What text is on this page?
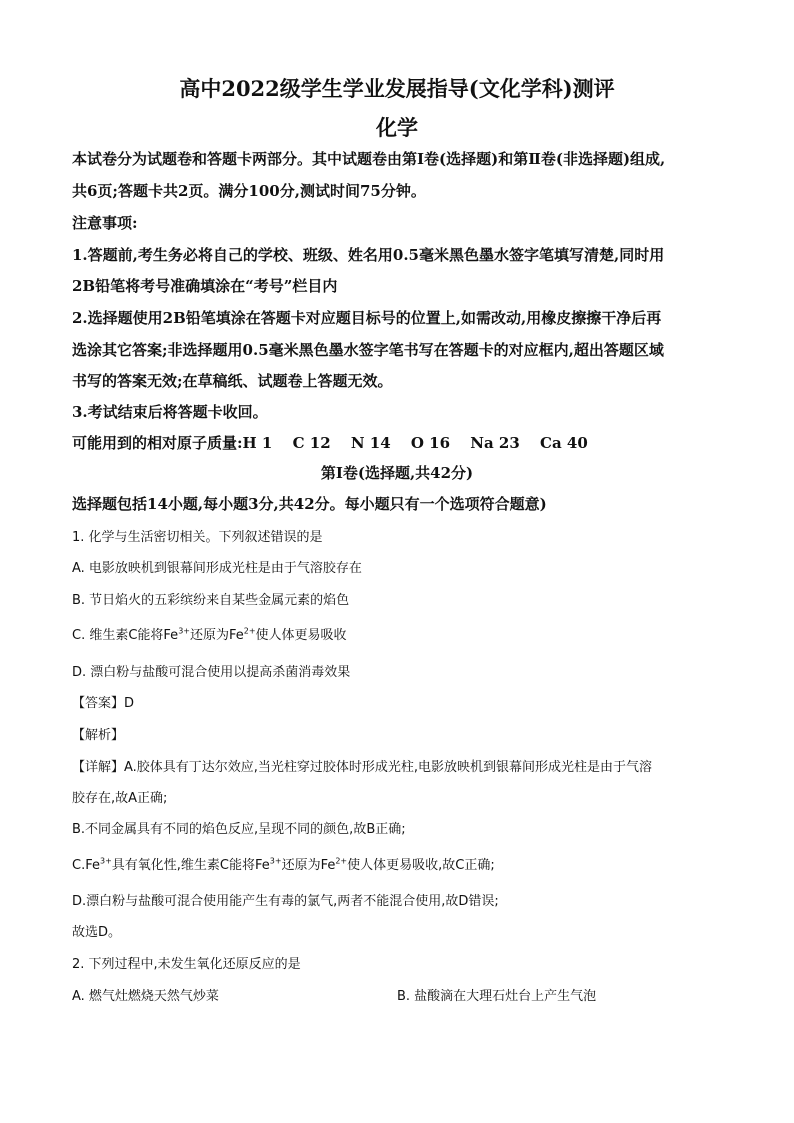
高中2022级学生学业发展指导(文化学科)测评
化学
本试卷分为试题卷和答题卡两部分。其中试题卷由第Ⅰ卷(选择题)和第Ⅱ卷(非选择题)组成,
共6页;答题卡共2页。满分100分,测试时间75分钟。
注意事项:
1.答题前,考生务必将自己的学校、班级、姓名用0.5毫米黑色墨水签字笔填写清楚,同时用
2B铅笔将考号准确填涂在“考号”栏目内
2.选择题使用2B铅笔填涂在答题卡对应题目标号的位置上,如需改动,用橡皮擦擦干净后再
选涂其它答案;非选择题用0.5毫米黑色墨水签字笔书写在答题卡的对应框内,超出答题区域
书写的答案无效;在草稿纸、试题卷上答题无效。
3.考试结束后将答题卡收回。
可能用到的相对原子质量:H 1　 C 12　 N 14　 O 16　 Na 23　 Ca 40
第Ⅰ卷(选择题,共42分)
选择题包括14小题,每小题3分,共42分。每小题只有一个选项符合题意)
1. 化学与生活密切相关。下列叙述错误的是
A. 电影放映机到银幕间形成光柱是由于气溶胶存在
B. 节日焰火的五彩缤纷来自某些金属元素的焰色
C. 维生素C能将$Fe^{3+}$还原为$Fe^{2+}$使人体更易吸收
D. 漂白粉与盐酸可混合使用以提高杀菌消毒效果
【答案】D
【解析】
【详解】A.胶体具有丁达尔效应,当光柱穿过胶体时形成光柱,电影放映机到银幕间形成光柱是由于气溶
胶存在,故A正确;
B.不同金属具有不同的焰色反应,呈现不同的颜色,故B正确;
$C.Fe^{3+}$具有氧化性,维生素C能将$Fe^{3+}$还原为$Fe^{2+}$使人体更易吸收,故C正确;
D.漂白粉与盐酸可混合使用能产生有毒的氯气,两者不能混合使用,故D错误;
故选D。
2. 下列过程中,未发生氧化还原反应的是
A. 燃气灶燃烧天然气炒菜	B. 盐酸滴在大理石灶台上产生气泡
